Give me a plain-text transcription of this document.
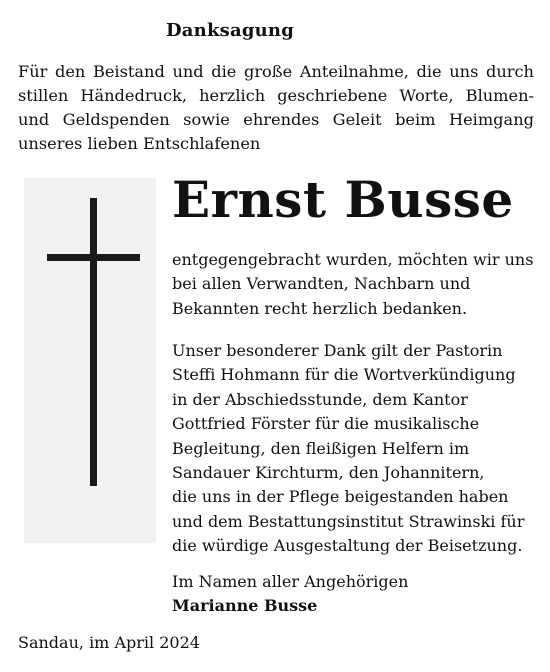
Danksagung
Für den Beistand und die große Anteilnahme, die uns durch stillen Händedruck, herzlich geschriebene Worte, Blumen- und Geldspenden sowie ehrendes Geleit beim Heimgang unseres lieben Entschlafenen
Ernst Busse
entgegengebracht wurden, möchten wir uns
bei allen Verwandten, Nachbarn und
Bekannten recht herzlich bedanken.
Unser besonderer Dank gilt der Pastorin
Steffi Hohmann für die Wortverkündigung
in der Abschiedsstunde, dem Kantor
Gottfried Förster für die musikalische
Begleitung, den fleißigen Helfern im
Sandauer Kirchturm, den Johannitern,
die uns in der Pflege beigestanden haben
und dem Bestattungsinstitut Strawinski für
die würdige Ausgestaltung der Beisetzung.
Im Namen aller Angehörigen
Marianne Busse
Sandau, im April 2024
